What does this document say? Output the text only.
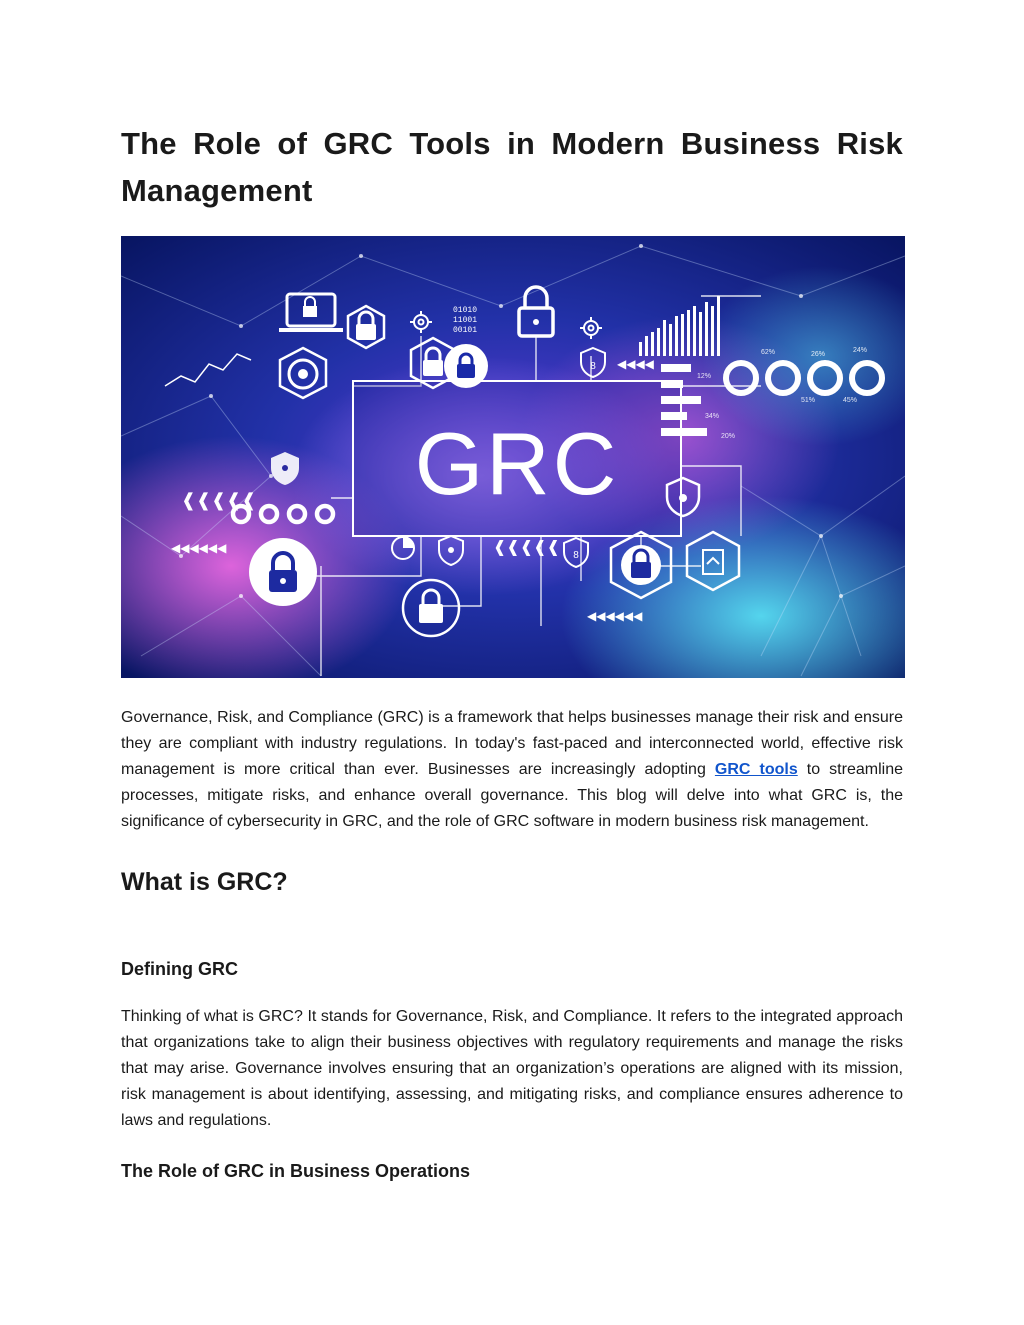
The Role of GRC Tools in Modern Business Risk Management
GRC
01010
11001
00101
8
8
❰❰❰❰❰
◀◀◀◀◀◀	❰❰❰❰❰
◀◀◀◀
◀◀◀◀◀◀
62%	26%
24%
12%
51%	45%
34%
20%

Governance, Risk, and Compliance (GRC) is a framework that helps businesses manage their risk and ensure they are compliant with industry regulations. In today's fast-paced and interconnected world, effective risk management is more critical than ever. Businesses are increasingly adopting GRC tools to streamline processes, mitigate risks, and enhance overall governance. This blog will delve into what GRC is, the significance of cybersecurity in GRC, and the role of GRC software in modern business risk management.

What is GRC?
Defining GRC

Thinking of what is GRC? It stands for Governance, Risk, and Compliance. It refers to the integrated approach that organizations take to align their business objectives with regulatory requirements and manage the risks that may arise. Governance involves ensuring that an organization’s operations are aligned with its mission, risk management is about identifying, assessing, and mitigating risks, and compliance ensures adherence to laws and regulations.

The Role of GRC in Business Operations
